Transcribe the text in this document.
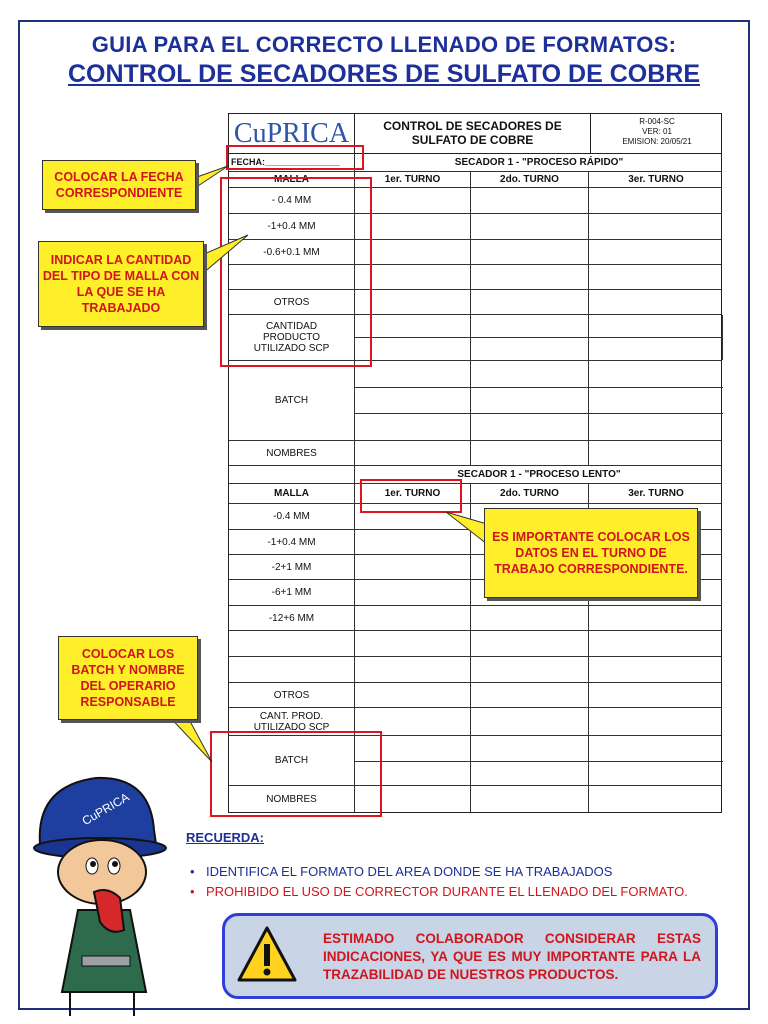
GUIA PARA EL CORRECTO LLENADO DE FORMATOS:
CONTROL DE SECADORES DE SULFATO DE COBRE
CuPRICA	CONTROL DE SECADORES DE
SULFATO DE COBRE
R-004-SC
VER: 01
EMISION: 20/05/21
FECHA:_______________	SECADOR 1 - "PROCESO RÁPIDO"
MALLA	1er. TURNO	2do. TURNO	3er. TURNO
- 0.4 MM
-1+0.4 MM
-0.6+0.1 MM
OTROS
CANTIDAD
PRODUCTO
UTILIZADO SCP
BATCH
NOMBRES
SECADOR 1 - "PROCESO LENTO"
MALLA	1er. TURNO	2do. TURNO	3er. TURNO
-0.4 MM
-1+0.4 MM
-2+1 MM
-6+1 MM
-12+6 MM
OTROS
CANT. PROD.
UTILIZADO SCP
BATCH
NOMBRES
COLOCAR LA FECHA CORRESPONDIENTE
INDICAR LA CANTIDAD DEL TIPO DE MALLA CON LA QUE SE HA TRABAJADO
ES IMPORTANTE COLOCAR LOS DATOS EN EL TURNO DE TRABAJO CORRESPONDIENTE.
COLOCAR LOS BATCH Y NOMBRE DEL OPERARIO RESPONSABLE
CuPRICA
RECUERDA:
• IDENTIFICA EL FORMATO DEL AREA DONDE SE HA TRABAJADOS
• PROHIBIDO EL USO DE CORRECTOR DURANTE EL LLENADO DEL FORMATO.
ESTIMADO COLABORADOR CONSIDERAR ESTAS INDICACIONES, YA QUE ES MUY IMPORTANTE PARA LA TRAZABILIDAD DE NUESTROS PRODUCTOS.
